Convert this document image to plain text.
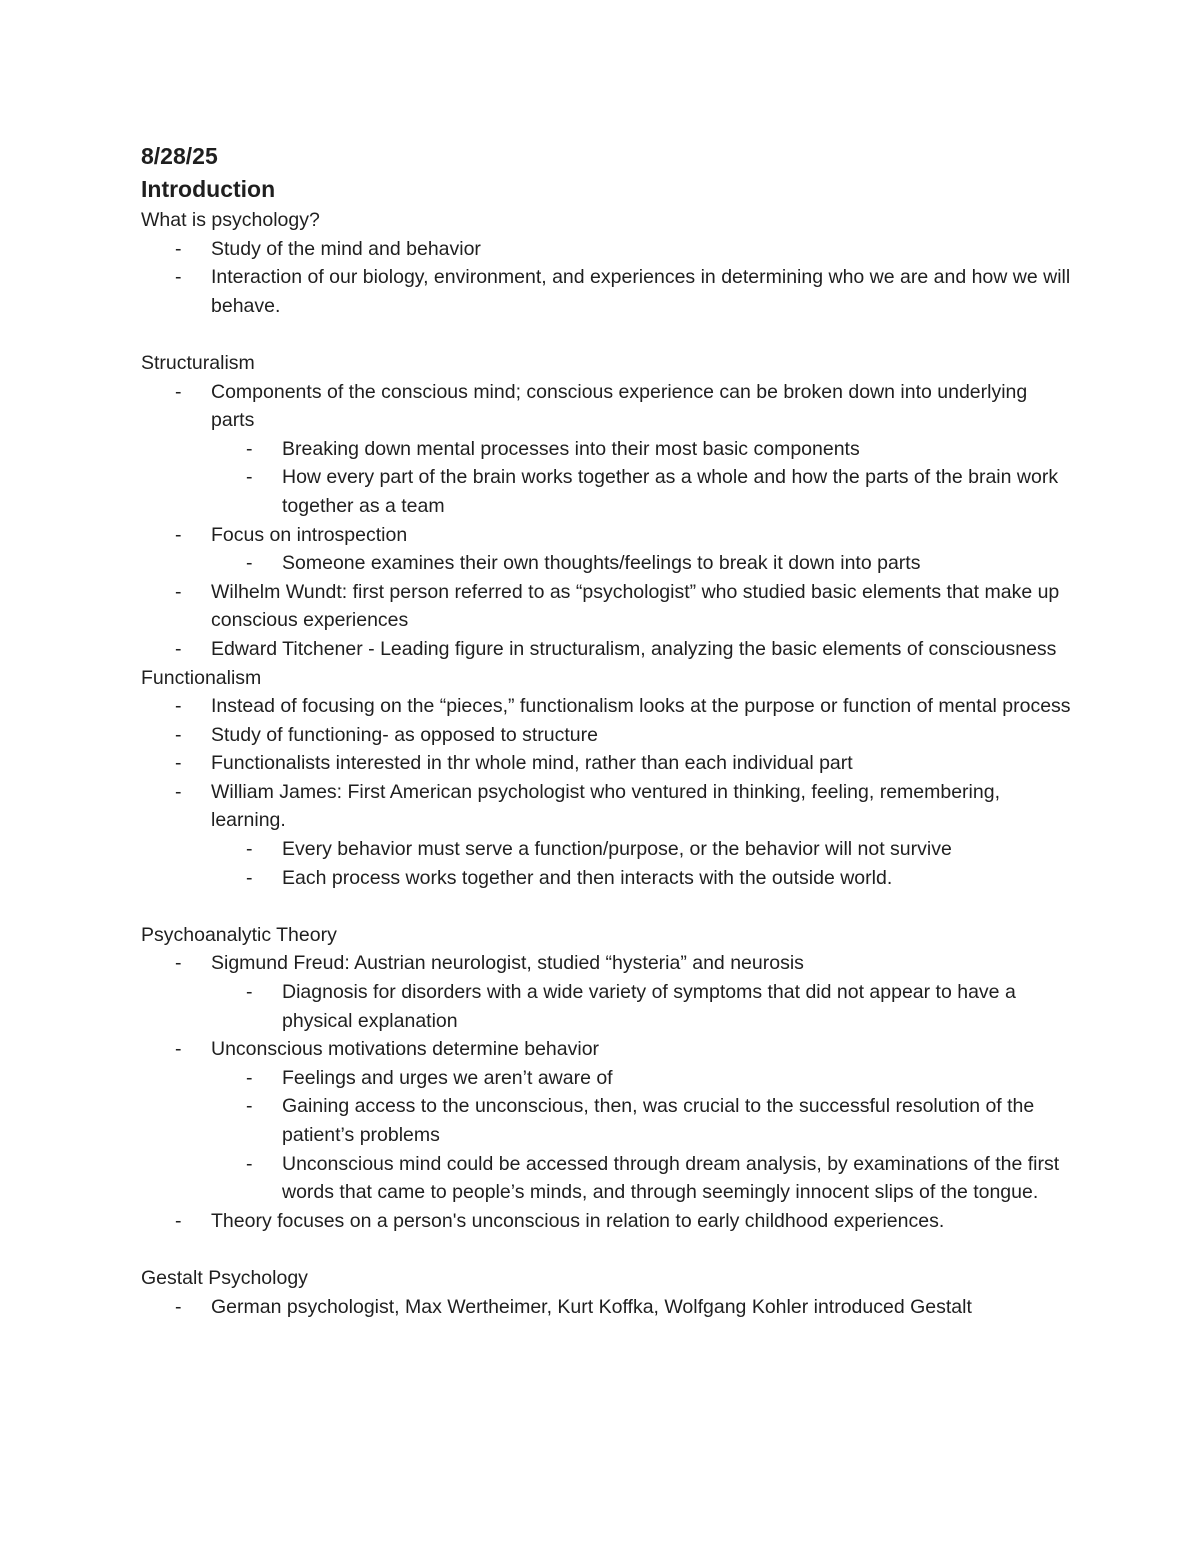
8/28/25

Introduction

What is psychology?

- Study of the mind and behavior
- Interaction of our biology, environment, and experiences in determining who we are and how we will behave.

Structuralism

- Components of the conscious mind; conscious experience can be broken down into underlying parts
- Breaking down mental processes into their most basic components
- How every part of the brain works together as a whole and how the parts of the brain work together as a team
- Focus on introspection
- Someone examines their own thoughts/feelings to break it down into parts
- Wilhelm Wundt: first person referred to as “psychologist” who studied basic elements that make up conscious experiences
- Edward Titchener - Leading figure in structuralism, analyzing the basic elements of consciousness

Functionalism

- Instead of focusing on the “pieces,” functionalism looks at the purpose or function of mental process
- Study of functioning- as opposed to structure
- Functionalists interested in thr whole mind, rather than each individual part
- William James: First American psychologist who ventured in thinking, feeling, remembering, learning.
- Every behavior must serve a function/purpose, or the behavior will not survive
- Each process works together and then interacts with the outside world.

Psychoanalytic Theory

- Sigmund Freud: Austrian neurologist, studied “hysteria” and neurosis
- Diagnosis for disorders with a wide variety of symptoms that did not appear to have a physical explanation
- Unconscious motivations determine behavior
- Feelings and urges we aren’t aware of
- Gaining access to the unconscious, then, was crucial to the successful resolution of the patient’s problems
- Unconscious mind could be accessed through dream analysis, by examinations of the first words that came to people’s minds, and through seemingly innocent slips of the tongue.
- Theory focuses on a person's unconscious in relation to early childhood experiences.

Gestalt Psychology

- German psychologist, Max Wertheimer, Kurt Koffka, Wolfgang Kohler introduced Gestalt
